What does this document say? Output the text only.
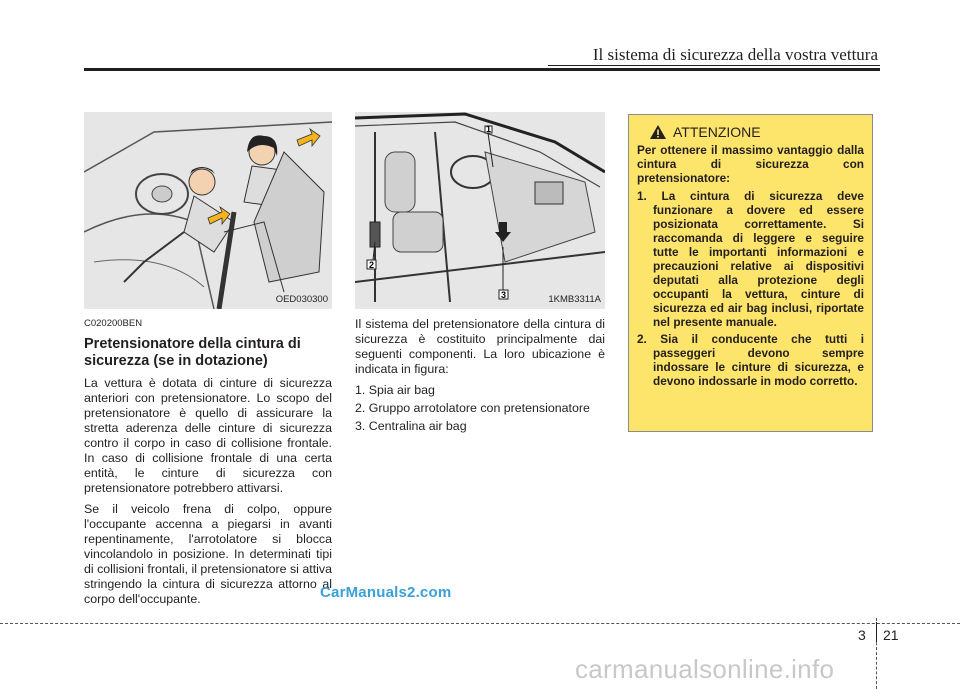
Il sistema di sicurezza della vostra vettura
OED030300
C020200BEN
Pretensionatore della cintura di sicurezza (se in dotazione)

La vettura è dotata di cinture di sicurezza anteriori con pretensionatore. Lo scopo del pretensionatore è quello di assicurare la stretta aderenza delle cinture di sicurezza contro il corpo in caso di collisione frontale. In caso di collisione frontale di una certa entità, le cinture di sicurezza con pretensionatore potrebbero attivarsi.

Se il veicolo frena di colpo, oppure l'occupante accenna a piegarsi in avanti repentinamente, l'arrotolatore si blocca vincolandolo in posizione. In determinati tipi di collisioni frontali, il pretensionatore si attiva stringendo la cintura di sicurezza attorno al corpo dell'occupante.

1
2
3	1KMB3311A

Il sistema del pretensionatore della cintura di sicurezza è costituito principalmente dai seguenti componenti. La loro ubicazione è indicata in figura:

1. Spia air bag
2. Gruppo arrotolatore con pretensionatore
3. Centralina air bag
ATTENZIONE

Per ottenere il massimo vantaggio dalla cintura di sicurezza con pretensionatore:

1. La cintura di sicurezza deve funzionare a dovere ed essere posizionata correttamente. Si raccomanda di leggere e seguire tutte le importanti informazioni e precauzioni relative ai dispositivi deputati alla protezione degli occupanti la vettura, cinture di sicurezza ed air bag inclusi, riportate nel presente manuale.
2. Sia il conducente che tutti i passeggeri devono sempre indossare le cinture di sicurezza, e devono indossarle in modo corretto.
CarManuals2.com
3 21
carmanualsonline.info
